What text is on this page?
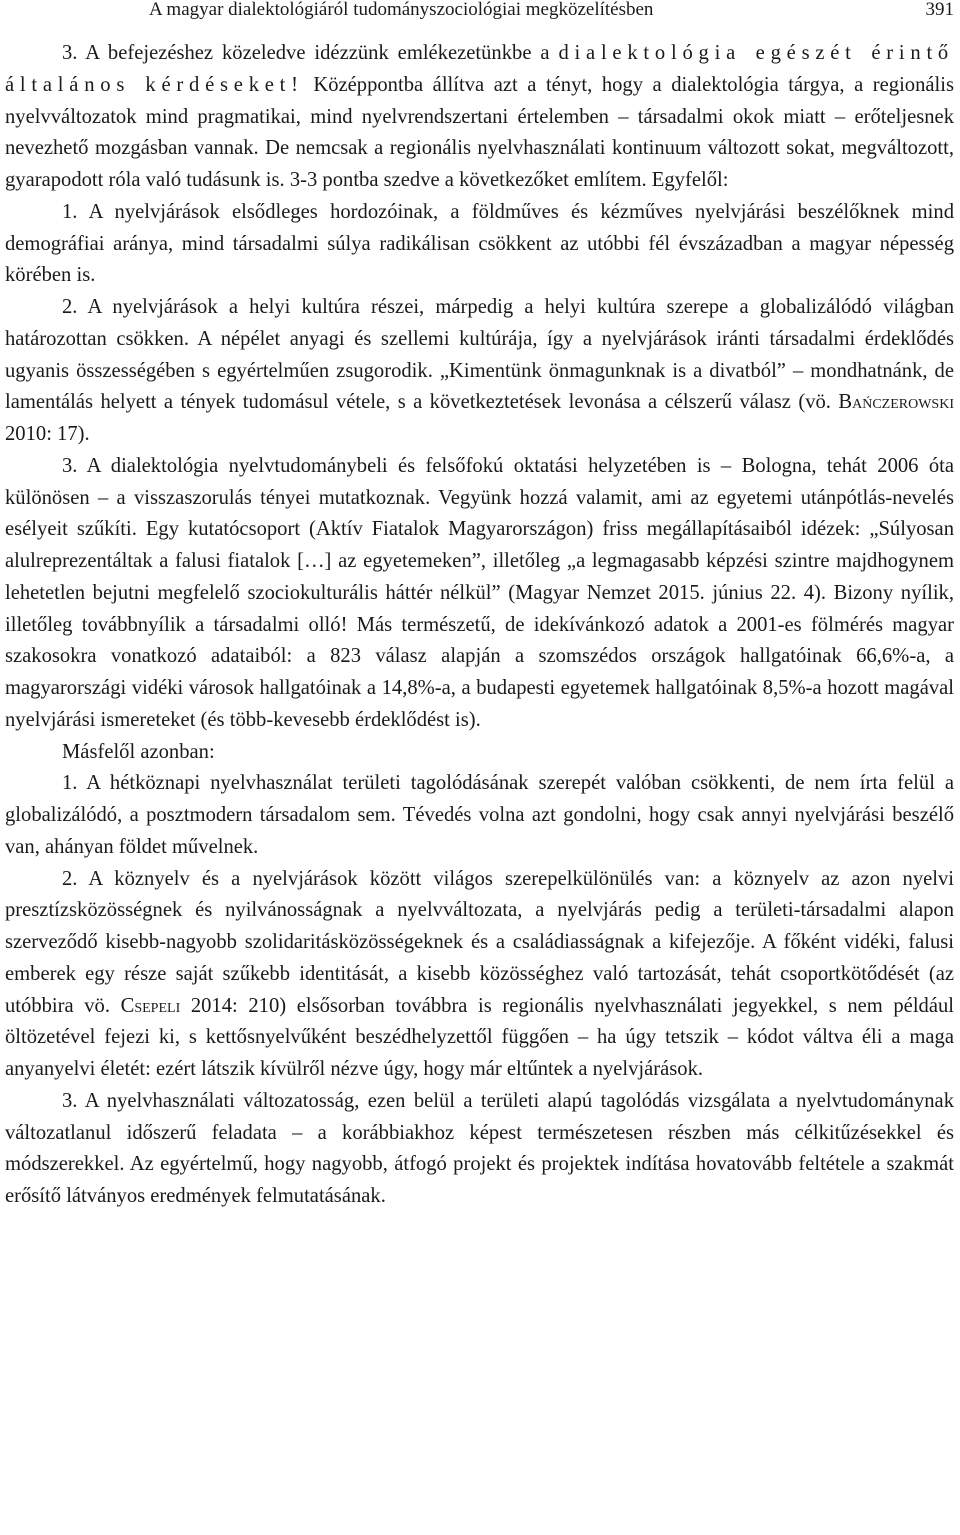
A magyar dialektológiáról tudományszociológiai megközelítésben	391

3. A befejezéshez közeledve idézzünk emlékezetünkbe a dialektológia egészét érintő általános kérdéseket! Középpontba állítva azt a tényt, hogy a dialektológia tárgya, a regionális nyelvváltozatok mind pragmatikai, mind nyelvrendszertani értelemben – társadalmi okok miatt – erőteljesnek nevezhető mozgásban vannak. De nemcsak a regionális nyelvhasználati kontinuum változott sokat, megváltozott, gyarapodott róla való tudásunk is. 3-3 pontba szedve a következőket említem. Egyfelől:

1. A nyelvjárások elsődleges hordozóinak, a földműves és kézműves nyelvjárási beszélőknek mind demográfiai aránya, mind társadalmi súlya radikálisan csökkent az utóbbi fél évszázadban a magyar népesség körében is.

2. A nyelvjárások a helyi kultúra részei, márpedig a helyi kultúra szerepe a globalizálódó világban határozottan csökken. A népélet anyagi és szellemi kultúrája, így a nyelvjárások iránti társadalmi érdeklődés ugyanis összességében s egyértelműen zsugorodik. „Kimentünk önmagunknak is a divatból” – mondhatnánk, de lamentálás helyett a tények tudomásul vétele, s a következtetések levonása a célszerű válasz (vö. Bańczerowski 2010: 17).

3. A dialektológia nyelvtudománybeli és felsőfokú oktatási helyzetében is – Bologna, tehát 2006 óta különösen – a visszaszorulás tényei mutatkoznak. Vegyünk hozzá valamit, ami az egyetemi utánpótlás-nevelés esélyeit szűkíti. Egy kutatócsoport (Aktív Fiatalok Magyarországon) friss megállapításaiból idézek: „Súlyosan alulreprezentáltak a falusi fiatalok […] az egyetemeken”, illetőleg „a legmagasabb képzési szintre majdhogynem lehetetlen bejutni megfelelő szociokulturális háttér nélkül” (Magyar Nemzet 2015. június 22. 4). Bizony nyílik, illetőleg továbbnyílik a társadalmi olló! Más természetű, de idekívánkozó adatok a 2001-es fölmérés magyar szakosokra vonatkozó adataiból: a 823 válasz alapján a szomszédos országok hallgatóinak 66,6%-a, a magyarországi vidéki városok hallgatóinak a 14,8%-a, a budapesti egyetemek hallgatóinak 8,5%-a hozott magával nyelvjárási ismereteket (és több-kevesebb érdeklődést is).

Másfelől azonban:

1. A hétköznapi nyelvhasználat területi tagolódásának szerepét valóban csökkenti, de nem írta felül a globalizálódó, a posztmodern társadalom sem. Tévedés volna azt gondolni, hogy csak annyi nyelvjárási beszélő van, ahányan földet művelnek.

2. A köznyelv és a nyelvjárások között világos szerepelkülönülés van: a köznyelv az azon nyelvi presztízsközösségnek és nyilvánosságnak a nyelvváltozata, a nyelvjárás pedig a területi-társadalmi alapon szerveződő kisebb-nagyobb szolidaritásközösségeknek és a családiasságnak a kifejezője. A főként vidéki, falusi emberek egy része saját szűkebb identitását, a kisebb közösséghez való tartozását, tehát csoportkötődését (az utóbbira vö. Csepeli 2014: 210) elsősorban továbbra is regionális nyelvhasználati jegyekkel, s nem például öltözetével fejezi ki, s kettősnyelvűként beszédhelyzettől függően – ha úgy tetszik – kódot váltva éli a maga anyanyelvi életét: ezért látszik kívülről nézve úgy, hogy már eltűntek a nyelvjárások.

3. A nyelvhasználati változatosság, ezen belül a területi alapú tagolódás vizsgálata a nyelvtudománynak változatlanul időszerű feladata – a korábbiakhoz képest természetesen részben más célkitűzésekkel és módszerekkel. Az egyértelmű, hogy nagyobb, átfogó projekt és projektek indítása hovatovább feltétele a szakmát erősítő látványos eredmények felmutatásának.
